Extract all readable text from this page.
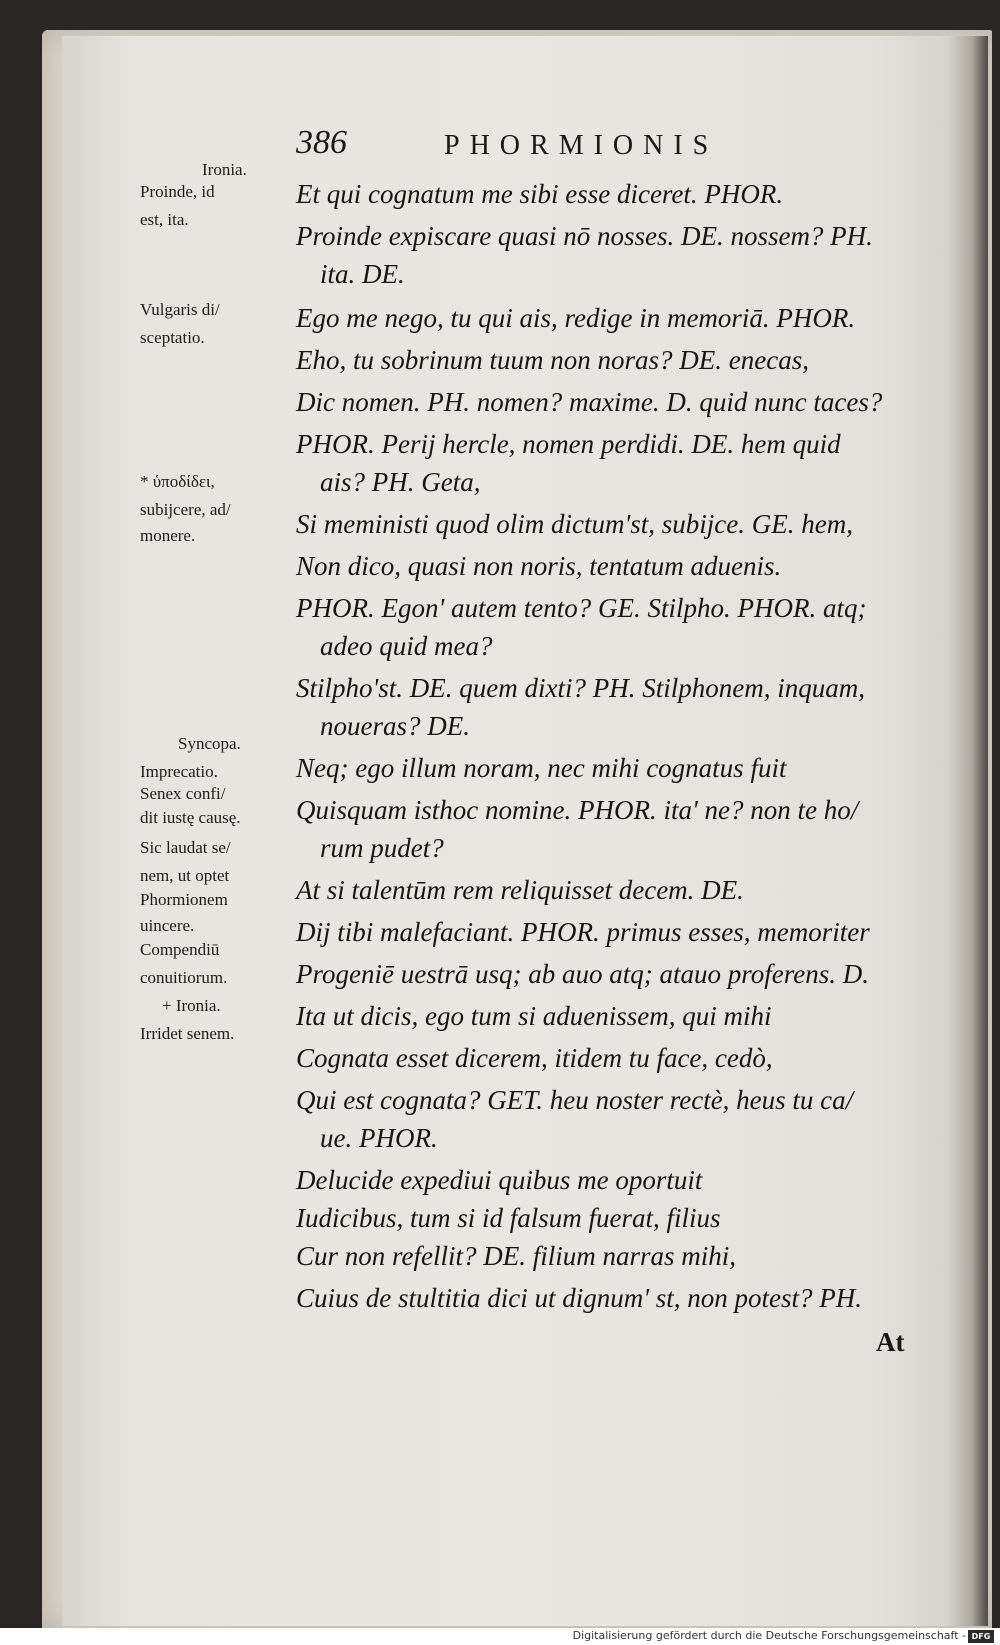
386	PHORMIONIS
Ironia.
Proinde, id
est, ita.
Vulgaris di/
sceptatio.
* ὑποδίδει,
subijcere, ad/
monere.
Syncopa.
Imprecatio.
Senex confi/
dit iustę causę.
Sic laudat se/
nem, ut optet
Phormionem
uincere.
Compendiū
conuitiorum.
+ Ironia.
Irridet senem.
Et qui cognatum me sibi esse diceret. PHOR.
Proinde expiscare quasi nō nosses. DE. nossem? PH.
ita. DE.
Ego me nego, tu qui ais, redige in memoriā. PHOR.
Eho, tu sobrinum tuum non noras? DE. enecas,
Dic nomen. PH. nomen? maxime. D. quid nunc taces?
PHOR. Perij hercle, nomen perdidi. DE. hem quid
ais? PH. Geta,
Si meministi quod olim dictum'st, subijce. GE. hem,
Non dico, quasi non noris, tentatum aduenis.
PHOR. Egon' autem tento? GE. Stilpho. PHOR. atq;
adeo quid mea?
Stilpho'st. DE. quem dixti? PH. Stilphonem, inquam,
noueras? DE.
Neq; ego illum noram, nec mihi cognatus fuit
Quisquam isthoc nomine. PHOR. ita' ne? non te ho/
rum pudet?
At si talentūm rem reliquisset decem. DE.
Dij tibi malefaciant. PHOR. primus esses, memoriter
Progeniē uestrā usq; ab auo atq; atauo proferens. D.
Ita ut dicis, ego tum si aduenissem, qui mihi
Cognata esset dicerem, itidem tu face, cedò,
Qui est cognata? GET. heu noster rectè, heus tu ca/
ue. PHOR.
Delucide expediui quibus me oportuit
Iudicibus, tum si id falsum fuerat, filius
Cur non refellit? DE. filium narras mihi,
Cuius de stultitia dici ut dignum' st, non potest? PH.
At
Digitalisierung gefördert durch die Deutsche Forschungsgemeinschaft - DFG
